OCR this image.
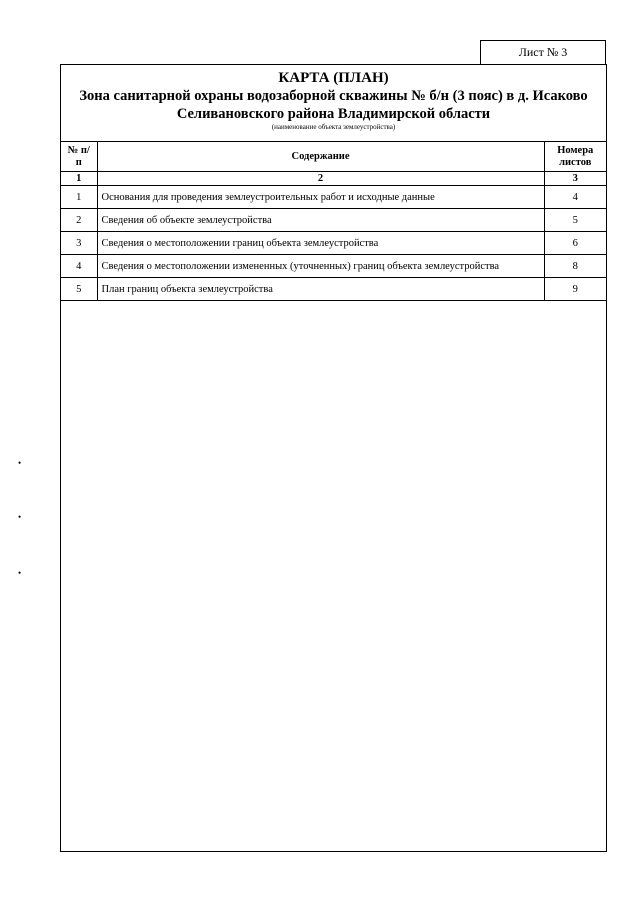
Лист № 3
КАРТА (ПЛАН)
Зона санитарной охраны водозаборной скважины № б/н (3 пояс) в д. Исаково
Селивановского района Владимирской области
(наименование объекта землеустройства)
№ п/п	Содержание	Номера листов
1	2	3
1	Основания для проведения землеустроительных работ и исходные данные	4
2	Сведения об объекте землеустройства	5
3	Сведения о местоположении границ объекта землеустройства	6
4	Сведения о местоположении измененных (уточненных) границ объекта землеустройства	8
5	План границ объекта землеустройства	9
•
•
•
